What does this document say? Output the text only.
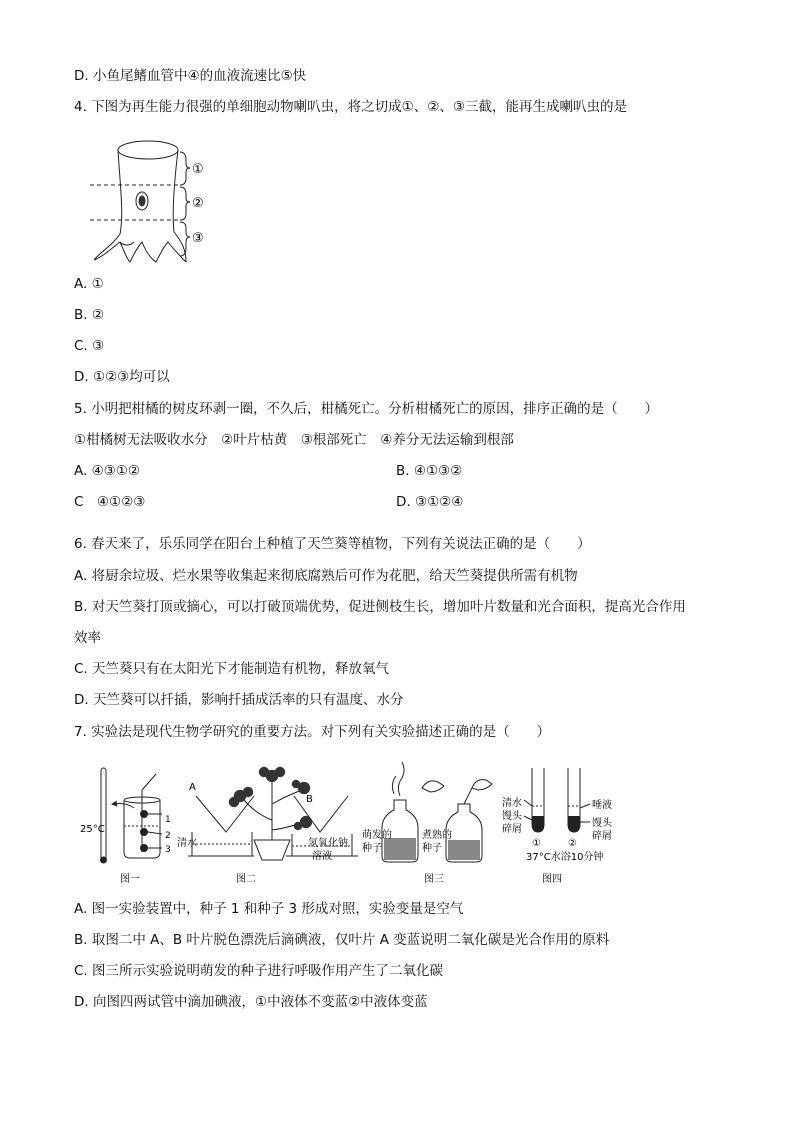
D. 小鱼尾鳍血管中④的血液流速比⑤快
4. 下图为再生能力很强的单细胞动物喇叭虫，将之切成①、②、③三截，能再生成喇叭虫的是
①
②
③
A. ①
B. ②
C. ③
D. ①②③均可以
5. 小明把柑橘的树皮环剥一圈，不久后，柑橘死亡。分析柑橘死亡的原因，排序正确的是（　　）
①柑橘树无法吸收水分　②叶片枯黄　③根部死亡　④养分无法运输到根部
A. ④③①②	B. ④①③②
C　④①②③	D. ③①②④
6. 春天来了，乐乐同学在阳台上种植了天竺葵等植物，下列有关说法正确的是（　　）
A. 将厨余垃圾、烂水果等收集起来彻底腐熟后可作为花肥，给天竺葵提供所需有机物
B. 对天竺葵打顶或摘心，可以打破顶端优势，促进侧枝生长，增加叶片数量和光合面积，提高光合作用
效率
C. 天竺葵只有在太阳光下才能制造有机物，释放氧气
D. 天竺葵可以扦插，影响扦插成活率的只有温度、水分
7. 实验法是现代生物学研究的重要方法。对下列有关实验描述正确的是（　　）
25°C
1
2
3
图一
A
B
清水	氢氧化钠
溶液
图二
萌发的
种子
煮熟的
种子
图三
清水
馒头
碎屑
唾液
馒头
碎屑
①	②
37°C水浴10分钟
图四
A. 图一实验装置中，种子 1 和种子 3 形成对照，实验变量是空气
B. 取图二中 A、B 叶片脱色漂洗后滴碘液，仅叶片 A 变蓝说明二氧化碳是光合作用的原料
C. 图三所示实验说明萌发的种子进行呼吸作用产生了二氧化碳
D. 向图四两试管中滴加碘液，①中液体不变蓝②中液体变蓝
